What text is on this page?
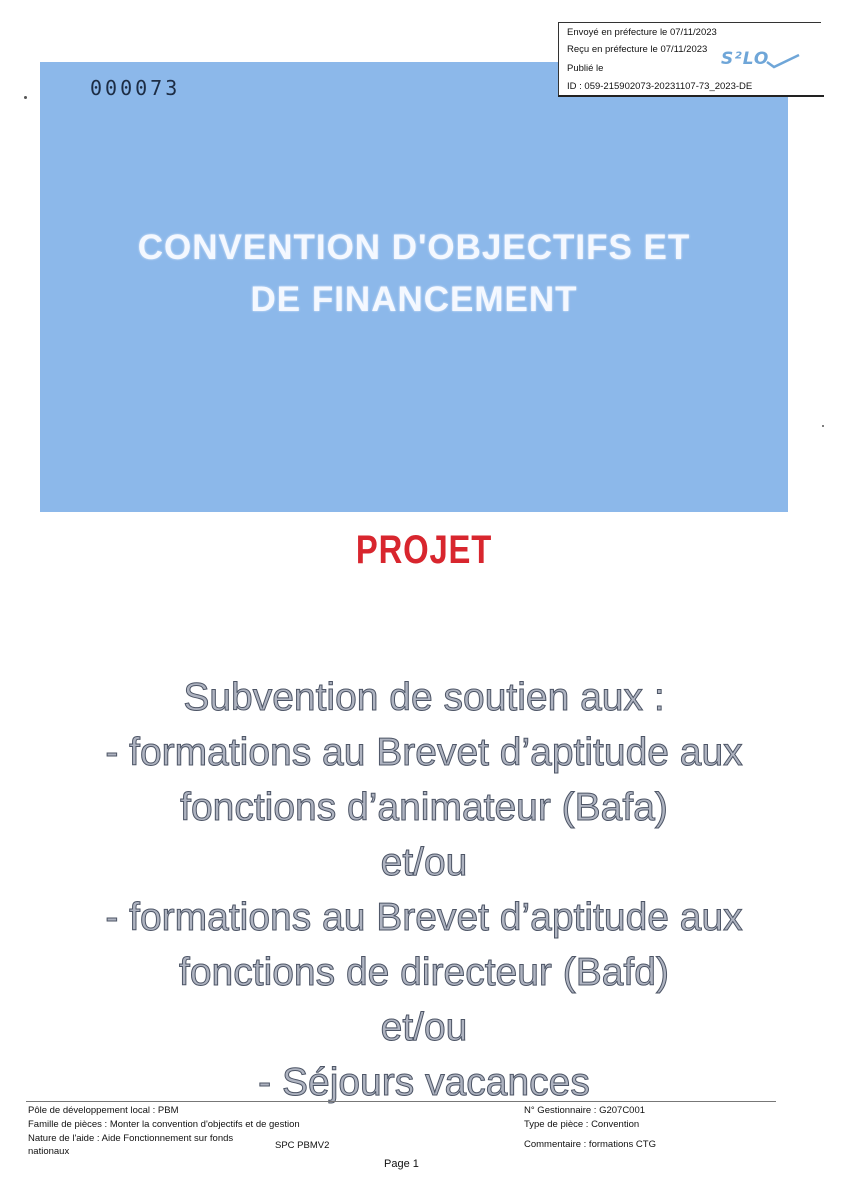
Envoyé en préfecture le 07/11/2023
Reçu en préfecture le 07/11/2023
Publié le
ID : 059-215902073-20231107-73_2023-DE
S²LO
000073
CONVENTION D'OBJECTIFS ET
DE FINANCEMENT
PROJET
Subvention de soutien aux :
- formations au Brevet d’aptitude aux
fonctions d’animateur (Bafa)
et/ou
- formations au Brevet d’aptitude aux
fonctions de directeur (Bafd)
et/ou
- Séjours vacances
Pôle de développement local : PBM
Famille de pièces : Monter la convention d'objectifs et de gestion
Nature de l'aide : Aide Fonctionnement sur fonds
nationaux
SPC PBMV2
N° Gestionnaire : G207C001
Type de pièce : Convention
Commentaire : formations CTG
Page 1
